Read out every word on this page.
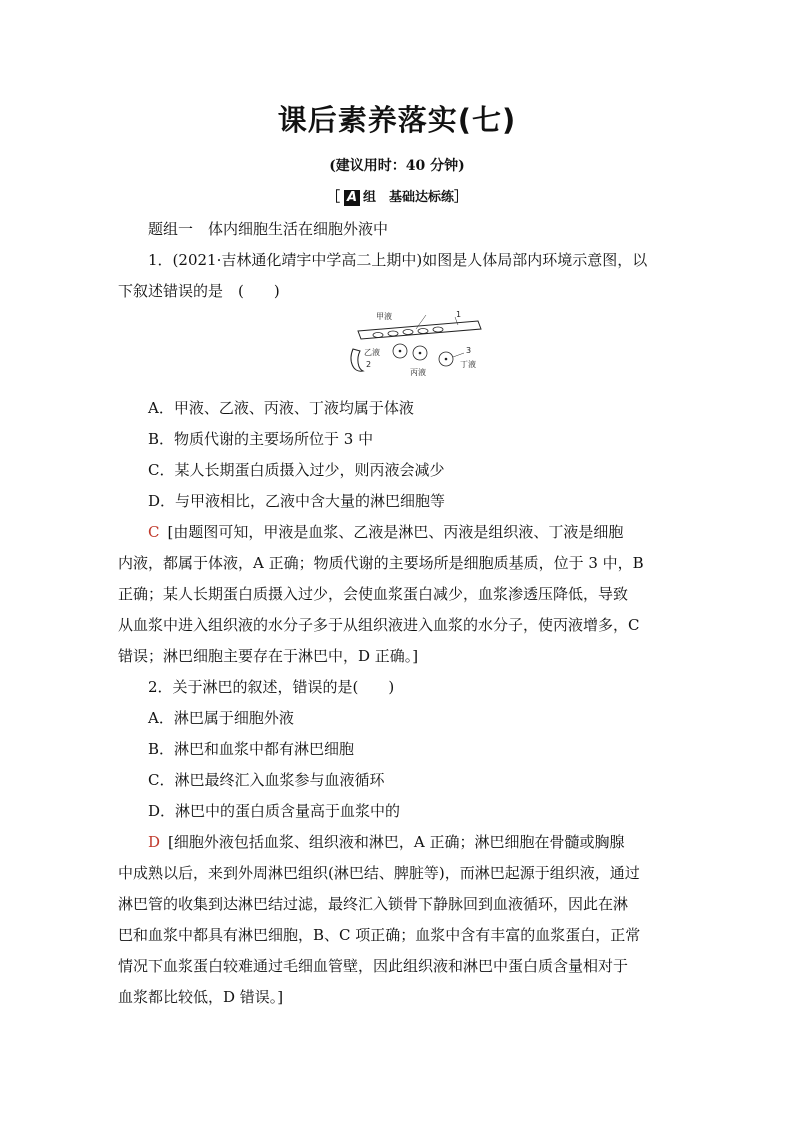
课后素养落实(七)
(建议用时：40 分钟)
［ A 组　基础达标练］
题组一　体内细胞生活在细胞外液中
1．(2021·吉林通化靖宇中学高二上期中)如图是人体局部内环境示意图，以
下叙述错误的是　(　　)
甲液	1
乙液
2
丙液
3
丁液
A．甲液、乙液、丙液、丁液均属于体液
B．物质代谢的主要场所位于 3 中
C．某人长期蛋白质摄入过少，则丙液会减少
D．与甲液相比，乙液中含大量的淋巴细胞等
C [由题图可知，甲液是血浆、乙液是淋巴、丙液是组织液、丁液是细胞
内液，都属于体液，A 正确；物质代谢的主要场所是细胞质基质，位于 3 中，B
正确；某人长期蛋白质摄入过少，会使血浆蛋白减少，血浆渗透压降低，导致
从血浆中进入组织液的水分子多于从组织液进入血浆的水分子，使丙液增多，C
错误；淋巴细胞主要存在于淋巴中，D 正确。]
2．关于淋巴的叙述，错误的是(　　)
A．淋巴属于细胞外液
B．淋巴和血浆中都有淋巴细胞
C．淋巴最终汇入血浆参与血液循环
D．淋巴中的蛋白质含量高于血浆中的
D [细胞外液包括血浆、组织液和淋巴，A 正确；淋巴细胞在骨髓或胸腺
中成熟以后，来到外周淋巴组织(淋巴结、脾脏等)，而淋巴起源于组织液，通过
淋巴管的收集到达淋巴结过滤，最终汇入锁骨下静脉回到血液循环，因此在淋
巴和血浆中都具有淋巴细胞，B、C 项正确；血浆中含有丰富的血浆蛋白，正常
情况下血浆蛋白较难通过毛细血管壁，因此组织液和淋巴中蛋白质含量相对于
血浆都比较低，D 错误。]
